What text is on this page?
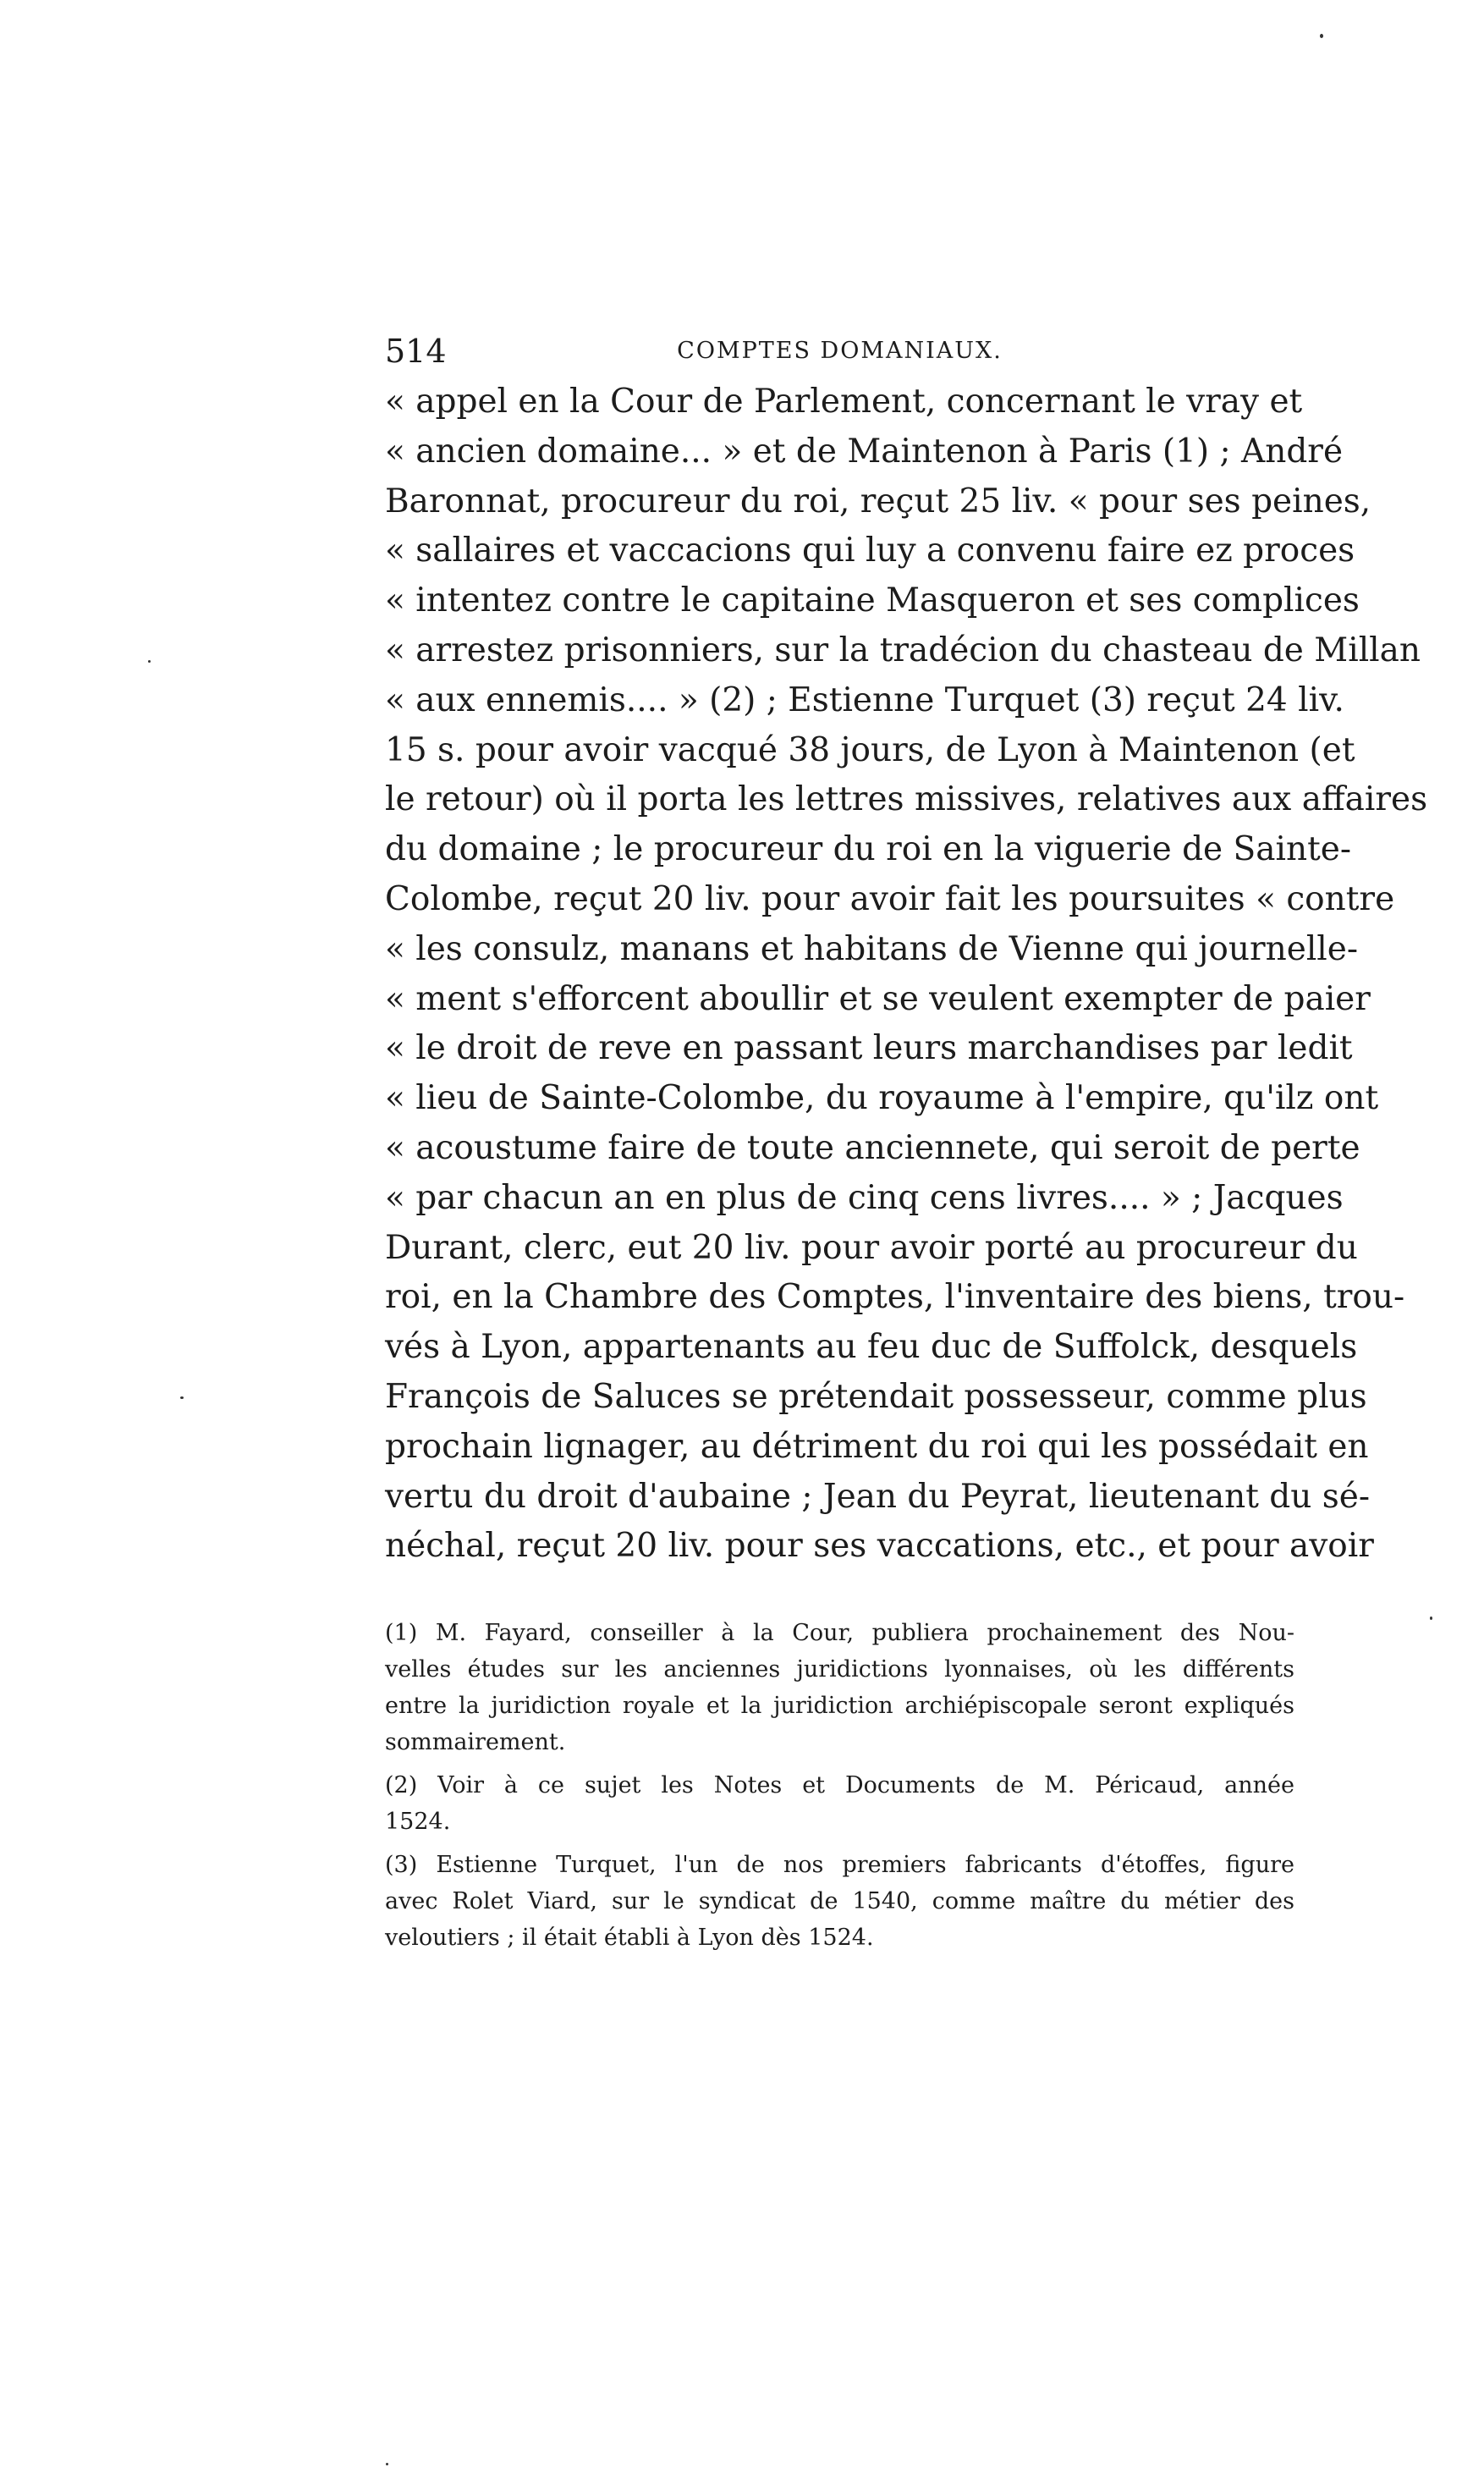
514	COMPTES DOMANIAUX.
« appel en la Cour de Parlement, concernant le vray et
« ancien domaine... » et de Maintenon à Paris (1) ; André
Baronnat, procureur du roi, reçut 25 liv. « pour ses peines,
« sallaires et vaccacions qui luy a convenu faire ez proces
« intentez contre le capitaine Masqueron et ses complices
« arrestez prisonniers, sur la tradécion du chasteau de Millan
« aux ennemis.... » (2) ; Estienne Turquet (3) reçut 24 liv.
15 s. pour avoir vacqué 38 jours, de Lyon à Maintenon (et
le retour) où il porta les lettres missives, relatives aux affaires
du domaine ; le procureur du roi en la viguerie de Sainte-
Colombe, reçut 20 liv. pour avoir fait les poursuites « contre
« les consulz, manans et habitans de Vienne qui journelle-
« ment s'efforcent aboullir et se veulent exempter de paier
« le droit de reve en passant leurs marchandises par ledit
« lieu de Sainte-Colombe, du royaume à l'empire, qu'ilz ont
« acoustume faire de toute anciennete, qui seroit de perte
« par chacun an en plus de cinq cens livres.... » ; Jacques
Durant, clerc, eut 20 liv. pour avoir porté au procureur du
roi, en la Chambre des Comptes, l'inventaire des biens, trou-
vés à Lyon, appartenants au feu duc de Suffolck, desquels
François de Saluces se prétendait possesseur, comme plus
prochain lignager, au détriment du roi qui les possédait en
vertu du droit d'aubaine ; Jean du Peyrat, lieutenant du sé-
néchal, reçut 20 liv. pour ses vaccations, etc., et pour avoir
(1) M. Fayard, conseiller à la Cour, publiera prochainement des Nou-
velles études sur les anciennes juridictions lyonnaises, où les différents
entre la juridiction royale et la juridiction archiépiscopale seront expliqués
sommairement.
(2) Voir à ce sujet les Notes et Documents de M. Péricaud, année
1524.
(3) Estienne Turquet, l'un de nos premiers fabricants d'étoffes, figure
avec Rolet Viard, sur le syndicat de 1540, comme maître du métier des
veloutiers ; il était établi à Lyon dès 1524.
